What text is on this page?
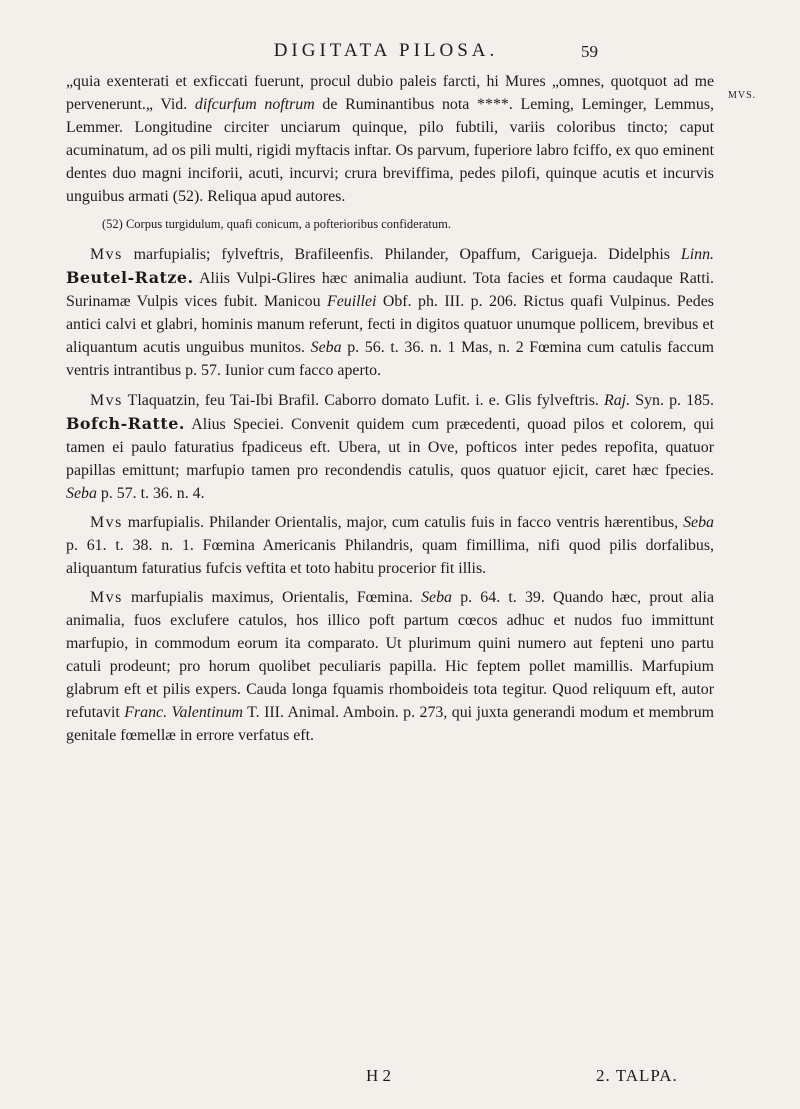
DIGITATA PILOSA.	59
MVS.

„quia exenterati et exficcati fuerunt, procul dubio paleis farcti, hi Mures „omnes, quotquot ad me pervenerunt.„ Vid. difcurfum noftrum de Ruminantibus nota ****. Leming, Leminger, Lemmus, Lemmer. Longitudine circiter unciarum quinque, pilo fubtili, variis coloribus tincto; caput acuminatum, ad os pili multi, rigidi myftacis inftar. Os parvum, fuperiore labro fciffo, ex quo eminent dentes duo magni inciforii, acuti, incurvi; crura breviffima, pedes pilofi, quinque acutis et incurvis unguibus armati (52). Reliqua apud autores.

(52) Corpus turgidulum, quafi conicum, a pofterioribus confideratum.

Mvs marfupialis; fylveftris, Brafileenfis. Philander, Opaffum, Carigueja. Didelphis Linn. Beutel-Ratze. Aliis Vulpi-Glires hæc animalia audiunt. Tota facies et forma caudaque Ratti. Surinamæ Vulpis vices fubit. Manicou Feuillei Obf. ph. III. p. 206. Rictus quafi Vulpinus. Pedes antici calvi et glabri, hominis manum referunt, fecti in digitos quatuor unumque pollicem, brevibus et aliquantum acutis unguibus munitos. Seba p. 56. t. 36. n. 1 Mas, n. 2 Fœmina cum catulis faccum ventris intrantibus p. 57. Iunior cum facco aperto.

Mvs Tlaquatzin, feu Tai-Ibi Brafil. Caborro domato Lufit. i. e. Glis fylveftris. Raj. Syn. p. 185. Bofch-Ratte. Alius Speciei. Convenit quidem cum præcedenti, quoad pilos et colorem, qui tamen ei paulo faturatius fpadiceus eft. Ubera, ut in Ove, pofticos inter pedes repofita, quatuor papillas emittunt; marfupio tamen pro recondendis catulis, quos quatuor ejicit, caret hæc fpecies. Seba p. 57. t. 36. n. 4.

Mvs marfupialis. Philander Orientalis, major, cum catulis fuis in facco ventris hærentibus, Seba p. 61. t. 38. n. 1. Fœmina Americanis Philandris, quam fimillima, nifi quod pilis dorfalibus, aliquantum faturatius fufcis veftita et toto habitu procerior fit illis.

Mvs marfupialis maximus, Orientalis, Fœmina. Seba p. 64. t. 39. Quando hæc, prout alia animalia, fuos exclufere catulos, hos illico poft partum cœcos adhuc et nudos fuo immittunt marfupio, in commodum eorum ita comparato. Ut plurimum quini numero aut fepteni uno partu catuli prodeunt; pro horum quolibet peculiaris papilla. Hic feptem pollet mamillis. Marfupium glabrum eft et pilis expers. Cauda longa fquamis rhomboideis tota tegitur. Quod reliquum eft, autor refutavit Franc. Valentinum T. III. Animal. Amboin. p. 273, qui juxta generandi modum et membrum genitale fœmellæ in errore verfatus eft.

H 2	2. TALPA.
